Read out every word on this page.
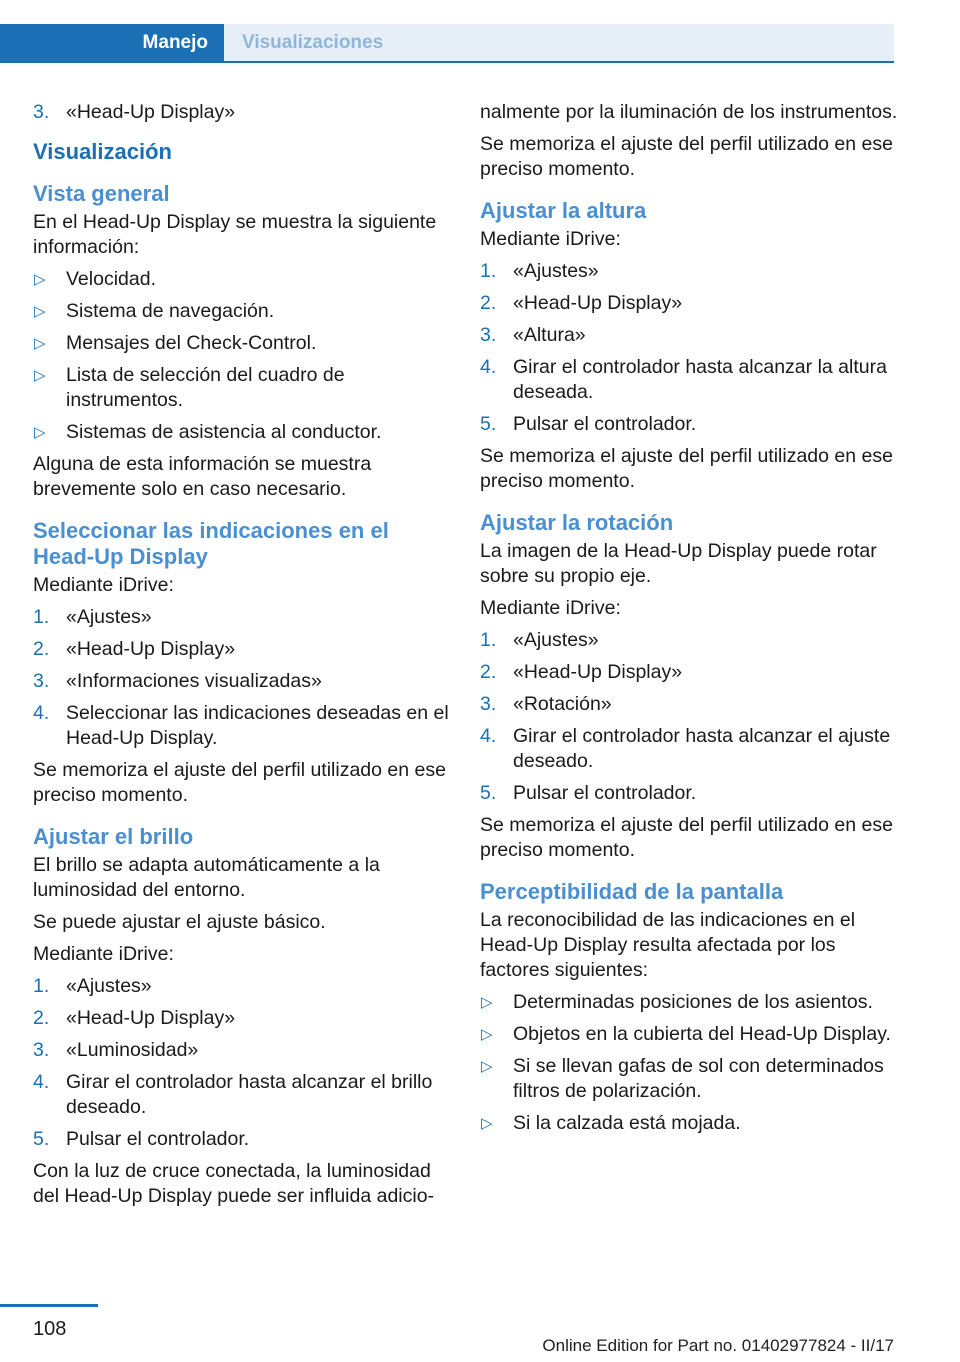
Manejo	Visualizaciones
3. «Head-Up Display»
Visualización
Vista general

En el Head-Up Display se muestra la siguiente información:

▷ Velocidad.
▷ Sistema de navegación.
▷ Mensajes del Check-Control.
▷ Lista de selección del cuadro de instrumentos.
▷ Sistemas de asistencia al conductor.

Alguna de esta información se muestra brevemente solo en caso necesario.

Seleccionar las indicaciones en el Head-Up Display

Mediante iDrive:

1. «Ajustes»
2. «Head-Up Display»
3. «Informaciones visualizadas»
4. Seleccionar las indicaciones deseadas en el Head-Up Display.

Se memoriza el ajuste del perfil utilizado en ese preciso momento.

Ajustar el brillo

El brillo se adapta automáticamente a la luminosidad del entorno.

Se puede ajustar el ajuste básico.

Mediante iDrive:

1. «Ajustes»
2. «Head-Up Display»
3. «Luminosidad»
4. Girar el controlador hasta alcanzar el brillo deseado.
5. Pulsar el controlador.

Con la luz de cruce conectada, la luminosidad del Head-Up Display puede ser influida adicio-

nalmente por la iluminación de los instrumentos.

Se memoriza el ajuste del perfil utilizado en ese preciso momento.

Ajustar la altura

Mediante iDrive:

1. «Ajustes»
2. «Head-Up Display»
3. «Altura»
4. Girar el controlador hasta alcanzar la altura deseada.
5. Pulsar el controlador.

Se memoriza el ajuste del perfil utilizado en ese preciso momento.

Ajustar la rotación

La imagen de la Head-Up Display puede rotar sobre su propio eje.

Mediante iDrive:

1. «Ajustes»
2. «Head-Up Display»
3. «Rotación»
4. Girar el controlador hasta alcanzar el ajuste deseado.
5. Pulsar el controlador.

Se memoriza el ajuste del perfil utilizado en ese preciso momento.

Perceptibilidad de la pantalla

La reconocibilidad de las indicaciones en el Head-Up Display resulta afectada por los factores siguientes:

▷ Determinadas posiciones de los asientos.
▷ Objetos en la cubierta del Head-Up Display.
▷ Si se llevan gafas de sol con determinados filtros de polarización.
▷ Si la calzada está mojada.
108
Online Edition for Part no. 01402977824 - II/17
